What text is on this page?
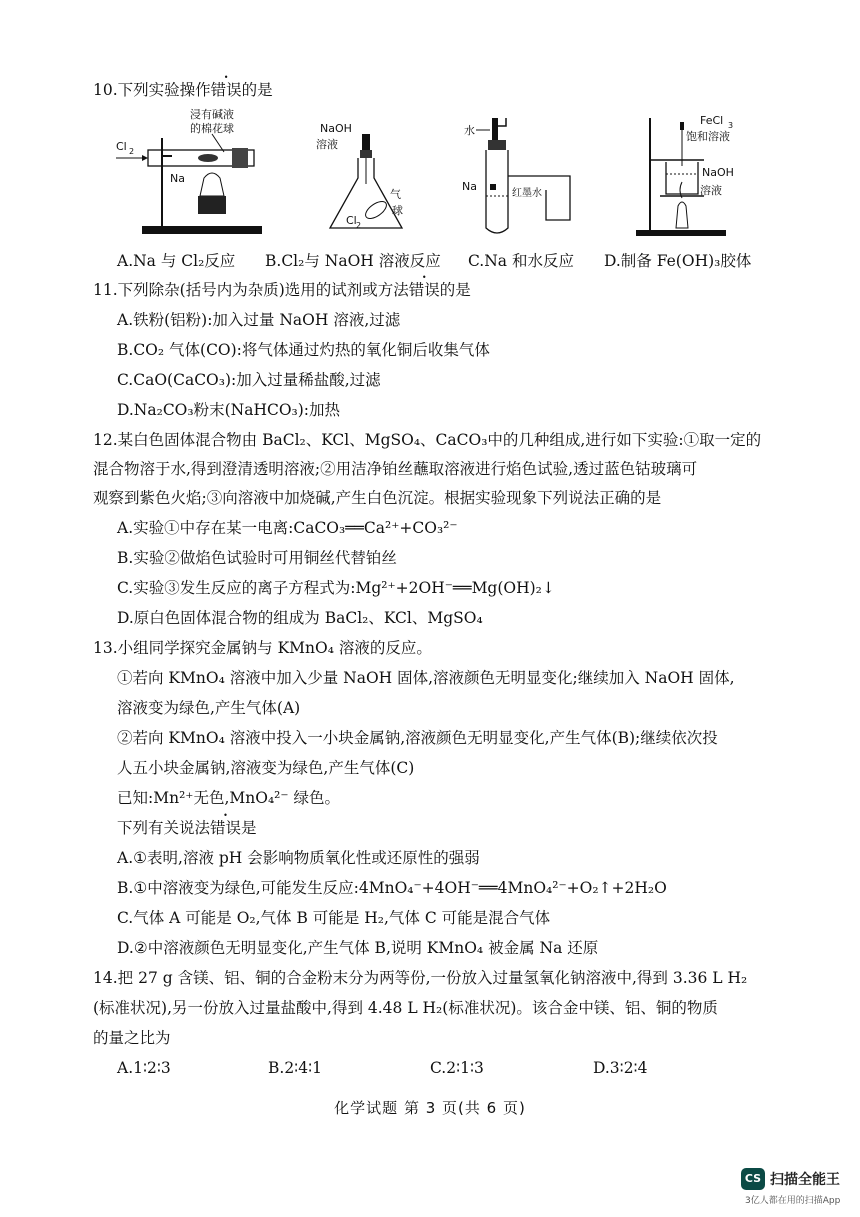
10.下列实验操作错误的是
浸有碱液
的棉花球
Cl 2
Na
NaOH
溶液
气
球
Cl 2
水
Na
红墨水
FeCl 3
饱和溶液
NaOH
溶液
A.Na 与 Cl₂反应 B.Cl₂与 NaOH 溶液反应 C.Na 和水反应 D.制备 Fe(OH)₃胶体
11.下列除杂(括号内为杂质)选用的试剂或方法错误的是
A.铁粉(铝粉):加入过量 NaOH 溶液,过滤
B.CO₂ 气体(CO):将气体通过灼热的氧化铜后收集气体
C.CaO(CaCO₃):加入过量稀盐酸,过滤
D.Na₂CO₃粉末(NaHCO₃):加热
12.某白色固体混合物由 BaCl₂、KCl、MgSO₄、CaCO₃中的几种组成,进行如下实验:①取一定的
混合物溶于水,得到澄清透明溶液;②用洁净铂丝蘸取溶液进行焰色试验,透过蓝色钴玻璃可
观察到紫色火焰;③向溶液中加烧碱,产生白色沉淀。根据实验现象下列说法正确的是
A.实验①中存在某一电离:CaCO₃══Ca²⁺+CO₃²⁻
B.实验②做焰色试验时可用铜丝代替铂丝
C.实验③发生反应的离子方程式为:Mg²⁺+2OH⁻══Mg(OH)₂↓
D.原白色固体混合物的组成为 BaCl₂、KCl、MgSO₄
13.小组同学探究金属钠与 KMnO₄ 溶液的反应。
①若向 KMnO₄ 溶液中加入少量 NaOH 固体,溶液颜色无明显变化;继续加入 NaOH 固体,
溶液变为绿色,产生气体(A)
②若向 KMnO₄ 溶液中投入一小块金属钠,溶液颜色无明显变化,产生气体(B);继续依次投
人五小块金属钠,溶液变为绿色,产生气体(C)
已知:Mn²⁺无色,MnO₄²⁻ 绿色。
下列有关说法错误是
A.①表明,溶液 pH 会影响物质氧化性或还原性的强弱
B.①中溶液变为绿色,可能发生反应:4MnO₄⁻+4OH⁻══4MnO₄²⁻+O₂↑+2H₂O
C.气体 A 可能是 O₂,气体 B 可能是 H₂,气体 C 可能是混合气体
D.②中溶液颜色无明显变化,产生气体 B,说明 KMnO₄ 被金属 Na 还原
14.把 27 g 含镁、铝、铜的合金粉末分为两等份,一份放入过量氢氧化钠溶液中,得到 3.36 L H₂
(标准状况),另一份放入过量盐酸中,得到 4.48 L H₂(标准状况)。该合金中镁、铝、铜的物质
的量之比为
A.1∶2∶3	B.2∶4∶1	C.2∶1∶3	D.3∶2∶4
化学试题 第 3 页(共 6 页)
CS 扫描全能王
3亿人都在用的扫描App
